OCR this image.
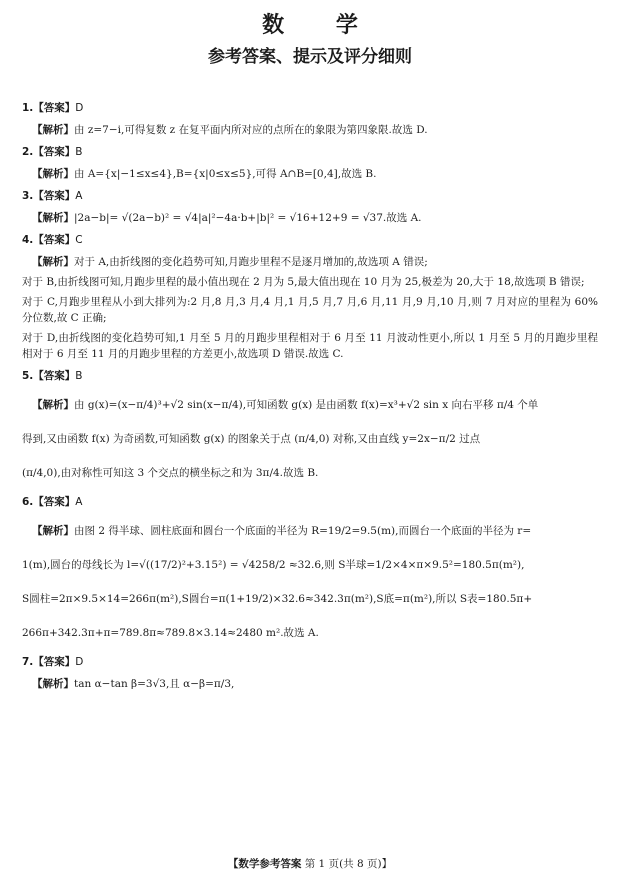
数 学
参考答案、提示及评分细则
1.【答案】D
【解析】由 z=7−i,可得复数 z 在复平面内所对应的点所在的象限为第四象限.故选 D.
2.【答案】B
【解析】由 A={x|−1≤x≤4},B={x|0≤x≤5},可得 A∩B=[0,4],故选 B.
3.【答案】A
【解析】|2a−b|= √(2a−b)² = √4|a|²−4a·b+|b|² = √16+12+9 = √37.故选 A.
4.【答案】C
【解析】对于 A,由折线图的变化趋势可知,月跑步里程不是逐月增加的,故选项 A 错误;
对于 B,由折线图可知,月跑步里程的最小值出现在 2 月为 5,最大值出现在 10 月为 25,极差为 20,大于 18,故选项 B 错误;
对于 C,月跑步里程从小到大排列为:2 月,8 月,3 月,4 月,1 月,5 月,7 月,6 月,11 月,9 月,10 月,则 7 月对应的里程为 60% 分位数,故 C 正确;
对于 D,由折线图的变化趋势可知,1 月至 5 月的月跑步里程相对于 6 月至 11 月波动性更小,所以 1 月至 5 月的月跑步里程相对于 6 月至 11 月的月跑步里程的方差更小,故选项 D 错误.故选 C.
5.【答案】B
【解析】由 g(x)=(x−π/4)³+√2 sin(x−π/4),可知函数 g(x) 是由函数 f(x)=x³+√2 sin x 向右平移 π/4 个单
得到,又由函数 f(x) 为奇函数,可知函数 g(x) 的图象关于点 (π/4,0) 对称,又由直线 y=2x−π/2 过点
(π/4,0),由对称性可知这 3 个交点的横坐标之和为 3π/4.故选 B.
6.【答案】A
【解析】由图 2 得半球、圆柱底面和圆台一个底面的半径为 R=19/2=9.5(m),而圆台一个底面的半径为 r=
1(m),圆台的母线长为 l=√((17/2)²+3.15²) = √4258/2 ≈32.6,则 S半球=1/2×4×π×9.5²=180.5π(m²),
S圆柱=2π×9.5×14=266π(m²),S圆台=π(1+19/2)×32.6≈342.3π(m²),S底=π(m²),所以 S表=180.5π+
266π+342.3π+π=789.8π≈789.8×3.14≈2480 m².故选 A.
7.【答案】D
【解析】tan α−tan β=3√3,且 α−β=π/3,
【数学参考答案 第 1 页(共 8 页)】
